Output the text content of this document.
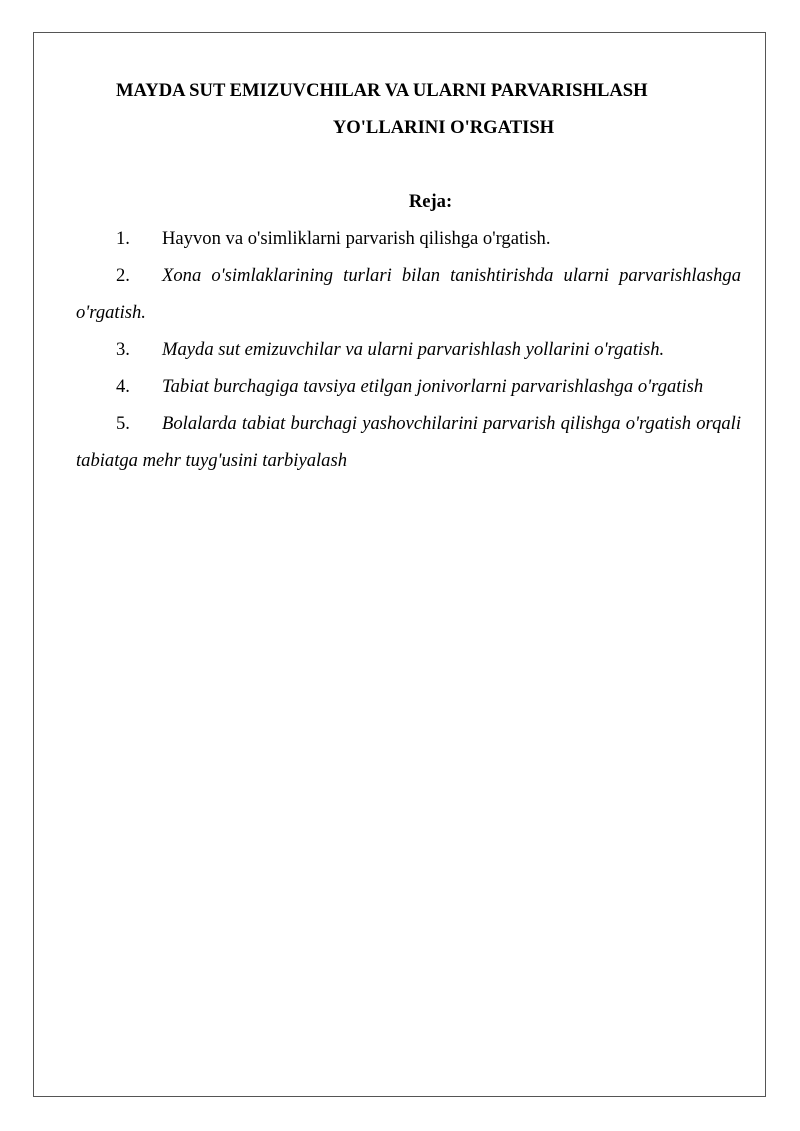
MAYDA SUT EMIZUVCHILAR VA ULARNI PARVARISHLASH
YO'LLARINI O'RGATISH

Reja:

1. Hayvon va o'simliklarni parvarish qilishga o'rgatish.
2. Xona o'simlaklarining turlari bilan tanishtirishda ularni parvarishlashga o'rgatish.
3. Mayda sut emizuvchilar va ularni parvarishlash yollarini o'rgatish.
4. Tabiat burchagiga tavsiya etilgan jonivorlarni parvarishlashga o'rgatish
5. Bolalarda tabiat burchagi yashovchilarini parvarish qilishga o'rgatish orqali tabiatga mehr tuyg'usini tarbiyalash
